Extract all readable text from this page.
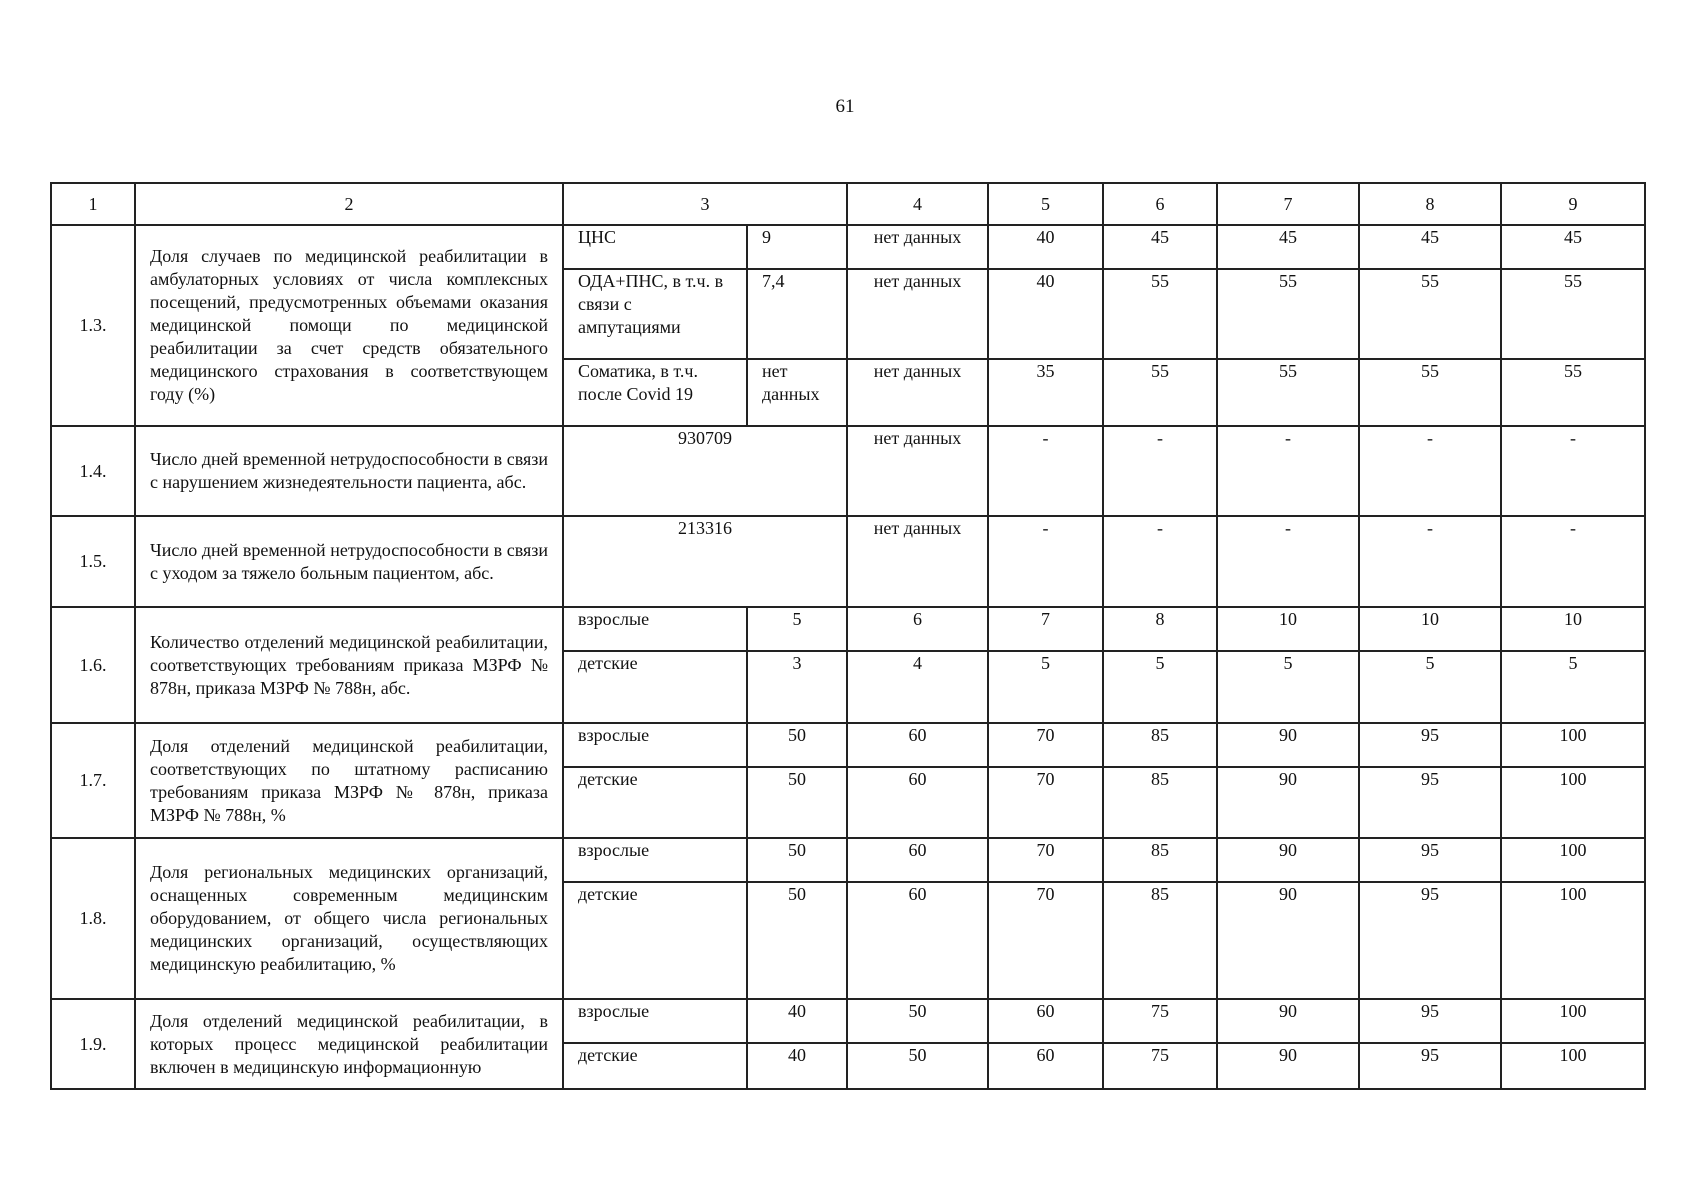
61
1	2	3		4	5	6	7	8	9
1.3.	Доля случаев по медицинской реабилитации в амбулаторных условиях от числа комплексных посещений, предусмотренных объемами оказания медицинской помощи по медицинской реабилитации за счет средств обязательного медицинского страхования в соответствующем году (%)	ЦНС	9	нет данных	40	45	45	45	45
		ОДА+ПНС, в т.ч. в связи с ампутациями	7,4	нет данных	40	55	55	55	55
		Соматика, в т.ч. после Covid 19	нет данных	нет данных	35	55	55	55	55
1.4.	Число дней временной нетрудоспособности в связи с нарушением жизнедеятельности пациента, абс.	930709		нет данных	-	-	-	-	-
1.5.	Число дней временной нетрудоспособности в связи с уходом за тяжело больным пациентом, абс.	213316		нет данных	-	-	-	-	-
1.6.	Количество отделений медицинской реабилитации, соответствующих требованиям приказа МЗРФ № 878н, приказа МЗРФ № 788н, абс.	взрослые	5	6	7	8	10	10	10
		детские	3	4	5	5	5	5	5
1.7.	Доля отделений медицинской реабилитации, соответствующих по штатному расписанию требованиям приказа МЗРФ № 878н, приказа МЗРФ № 788н, %	взрослые	50	60	70	85	90	95	100
		детские	50	60	70	85	90	95	100
1.8.	Доля региональных медицинских организаций, оснащенных современным медицинским оборудованием, от общего числа региональных медицинских организаций, осуществляющих медицинскую реабилитацию, %	взрослые	50	60	70	85	90	95	100
		детские	50	60	70	85	90	95	100
1.9.	Доля отделений медицинской реабилитации, в которых процесс медицинской реабилитации включен в медицинскую информационную	взрослые	40	50	60	75	90	95	100
		детские	40	50	60	75	90	95	100
